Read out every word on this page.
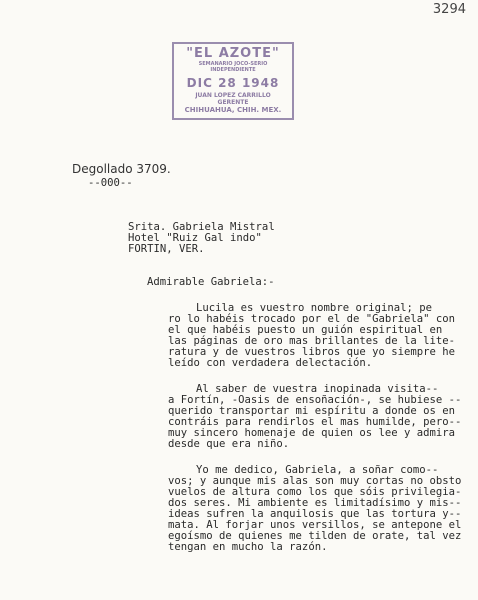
3294
"EL AZOTE"
SEMANARIO JOCO-SERIO
INDEPENDIENTE
DIC 28 1948
JUAN LOPEZ CARRILLO
GERENTE
CHIHUAHUA, CHIH. MEX.
Degollado 3709.
--000--
Srita. Gabriela Mistral
Hotel "Ruiz Gal indo"
FORTIN, VER.
Admirable Gabriela:-
Lucila es vuestro nombre original; pe
ro lo habéis trocado por el de "Gabriela" con
el que habéis puesto un guión espiritual en
las páginas de oro mas brillantes de la lite-
ratura y de vuestros libros que yo siempre he
leído con verdadera delectación.
Al saber de vuestra inopinada visita--
a Fortín, -Oasis de ensoñación-, se hubiese --
querido transportar mi espíritu a donde os en
contráis para rendirlos el mas humilde, pero--
muy sincero homenaje de quien os lee y admira
desde que era niño.
Yo me dedico, Gabriela, a soñar como--
vos; y aunque mis alas son muy cortas no obsto
vuelos de altura como los que sóis privilegia-
dos seres. Mi ambiente es limitadísimo y mis--
ideas sufren la anquilosis que las tortura y--
mata. Al forjar unos versillos, se antepone el
egoísmo de quienes me tilden de orate, tal vez
tengan en mucho la razón.
